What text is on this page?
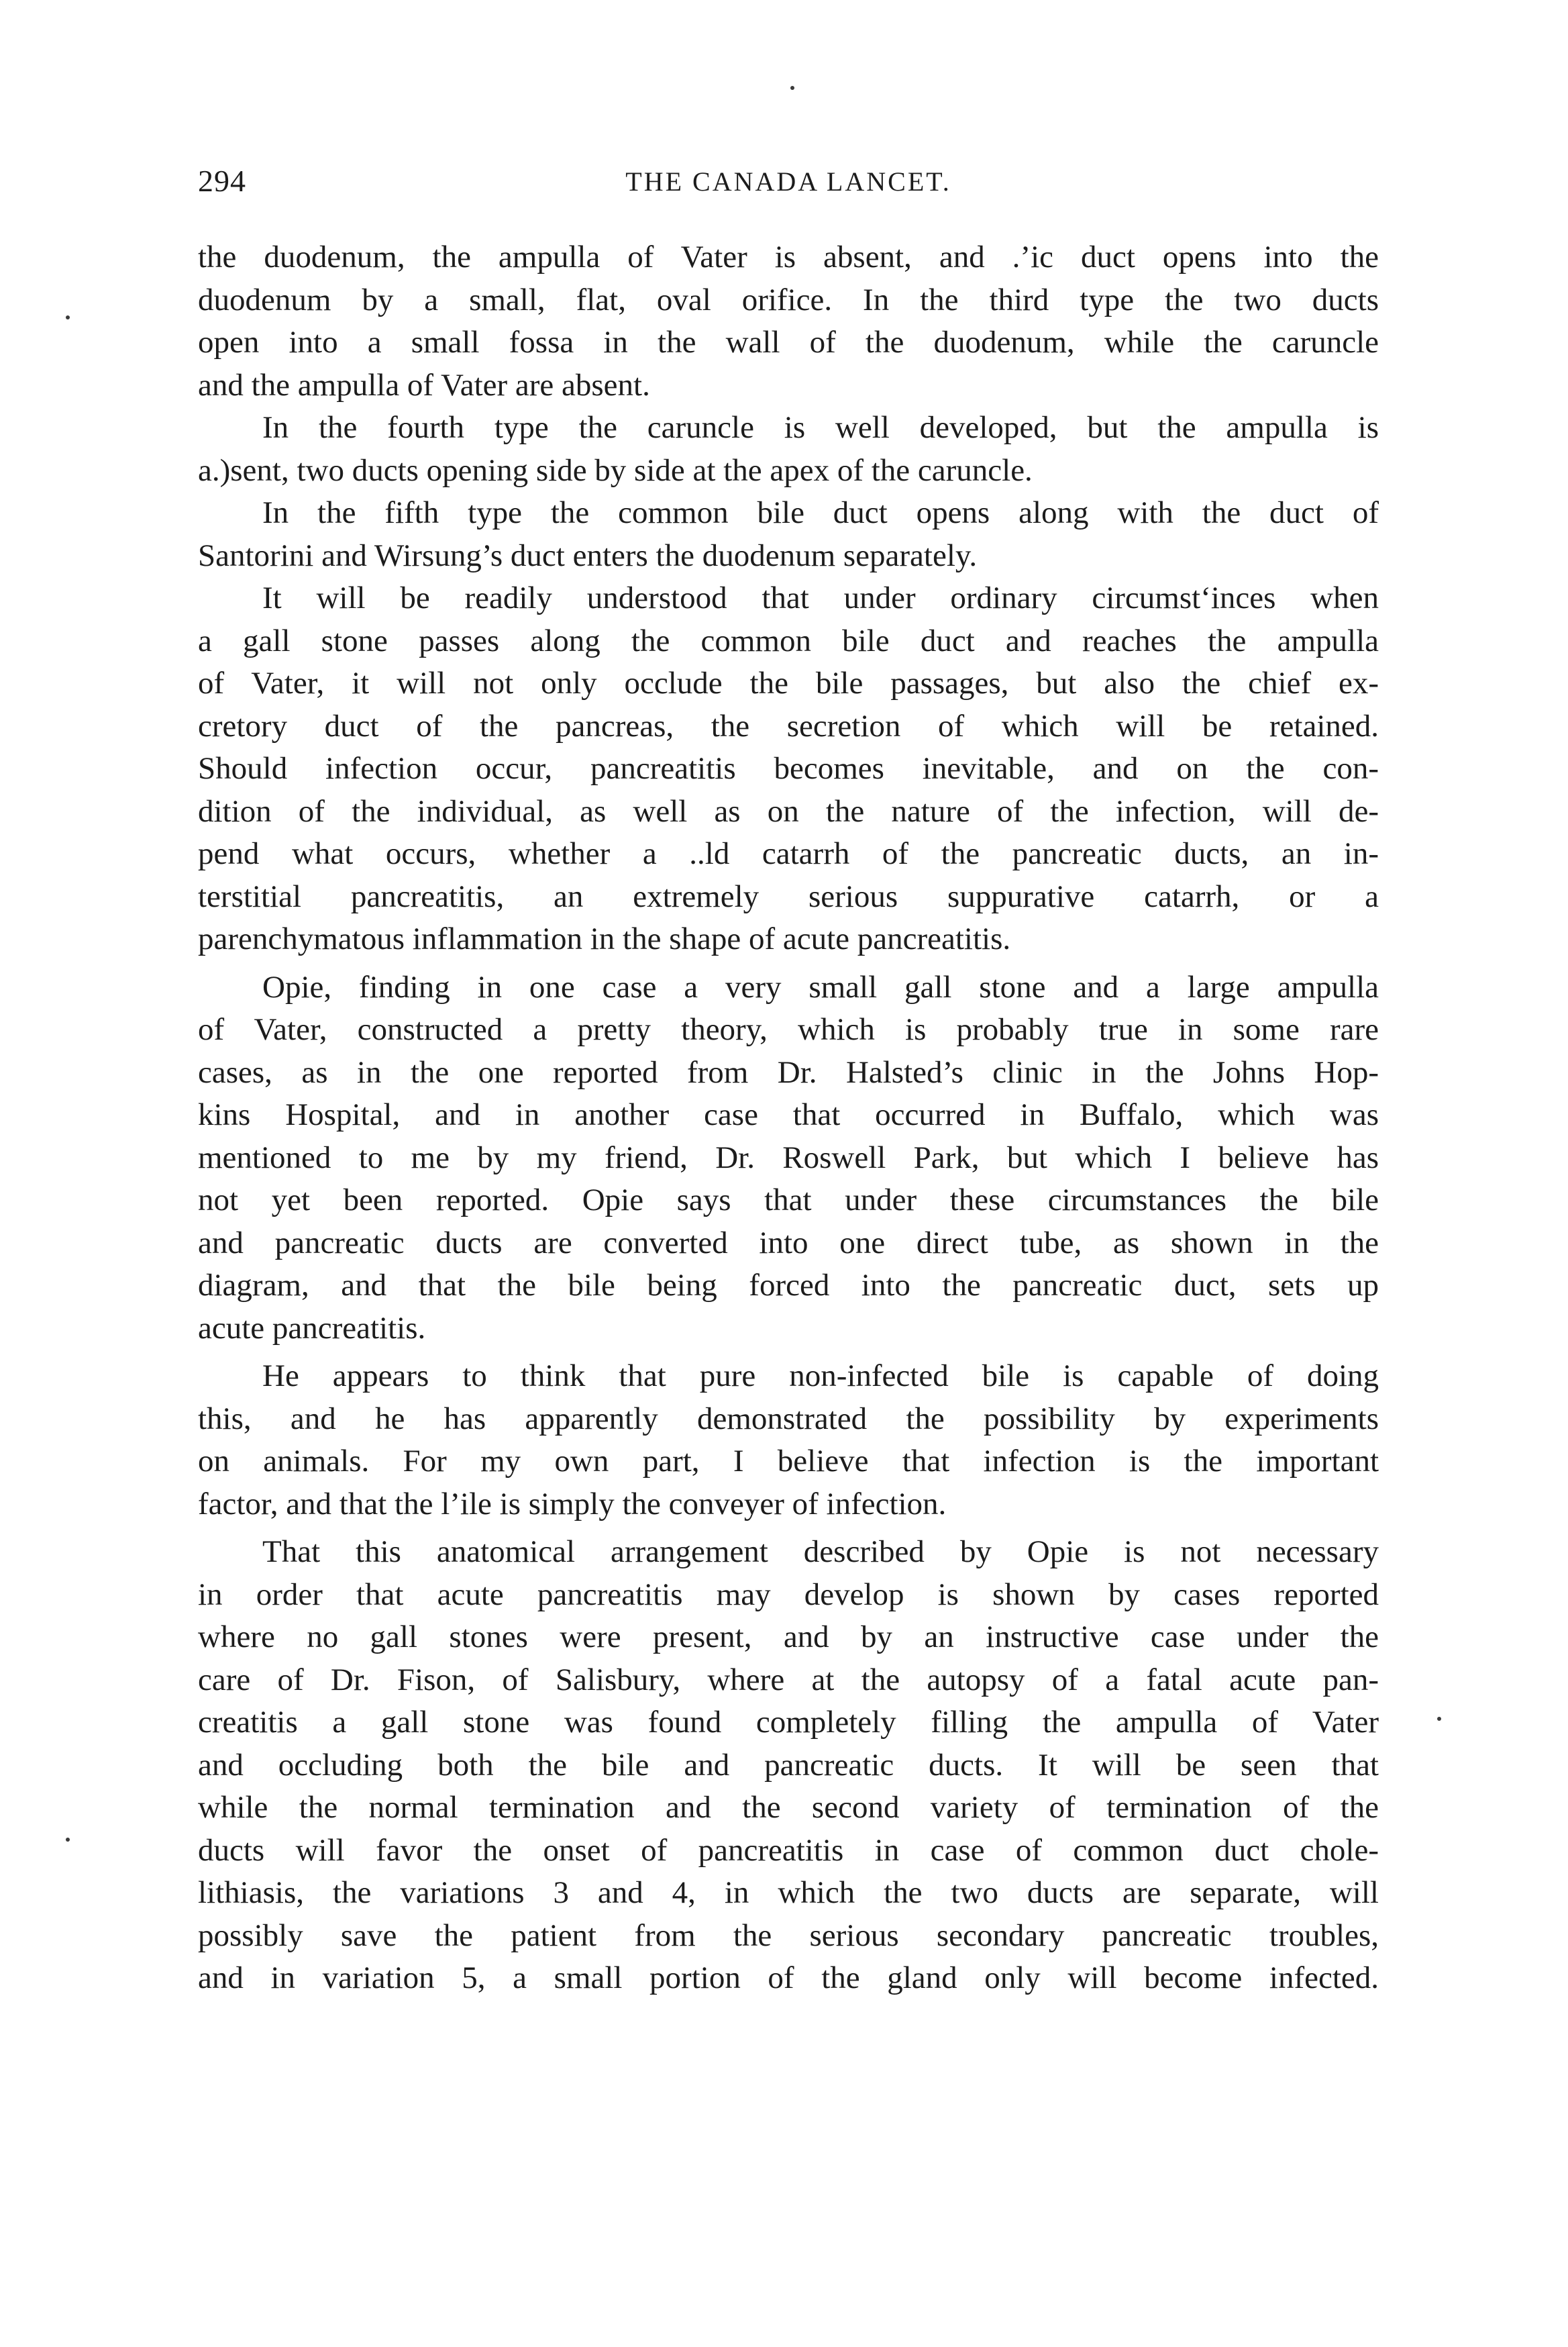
294	THE CANADA LANCET.
the duodenum, the ampulla of Vater is absent, and .’ic duct opens into the
duodenum by a small, flat, oval orifice. In the third type the two ducts
open into a small fossa in the wall of the duodenum, while the caruncle
and the ampulla of Vater are absent.
In the fourth type the caruncle is well developed, but the ampulla is
a.)sent, two ducts opening side by side at the apex of the caruncle.
In the fifth type the common bile duct opens along with the duct of
Santorini and Wirsung’s duct enters the duodenum separately.
It will be readily understood that under ordinary circumst‘inces when
a gall stone passes along the common bile duct and reaches the ampulla
of Vater, it will not only occlude the bile passages, but also the chief ex-
cretory duct of the pancreas, the secretion of which will be retained.
Should infection occur, pancreatitis becomes inevitable, and on the con-
dition of the individual, as well as on the nature of the infection, will de-
pend what occurs, whether a ..ld catarrh of the pancreatic ducts, an in-
terstitial pancreatitis, an extremely serious suppurative catarrh, or a
parenchymatous inflammation in the shape of acute pancreatitis.
Opie, finding in one case a very small gall stone and a large ampulla
of Vater, constructed a pretty theory, which is probably true in some rare
cases, as in the one reported from Dr. Halsted’s clinic in the Johns Hop-
kins Hospital, and in another case that occurred in Buffalo, which was
mentioned to me by my friend, Dr. Roswell Park, but which I believe has
not yet been reported. Opie says that under these circumstances the bile
and pancreatic ducts are converted into one direct tube, as shown in the
diagram, and that the bile being forced into the pancreatic duct, sets up
acute pancreatitis.
He appears to think that pure non-infected bile is capable of doing
this, and he has apparently demonstrated the possibility by experiments
on animals. For my own part, I believe that infection is the important
factor, and that the l’ile is simply the conveyer of infection.
That this anatomical arrangement described by Opie is not necessary
in order that acute pancreatitis may develop is shown by cases reported
where no gall stones were present, and by an instructive case under the
care of Dr. Fison, of Salisbury, where at the autopsy of a fatal acute pan-
creatitis a gall stone was found completely filling the ampulla of Vater
and occluding both the bile and pancreatic ducts. It will be seen that
while the normal termination and the second variety of termination of the
ducts will favor the onset of pancreatitis in case of common duct chole-
lithiasis, the variations 3 and 4, in which the two ducts are separate, will
possibly save the patient from the serious secondary pancreatic troubles,
and in variation 5, a small portion of the gland only will become infected.
